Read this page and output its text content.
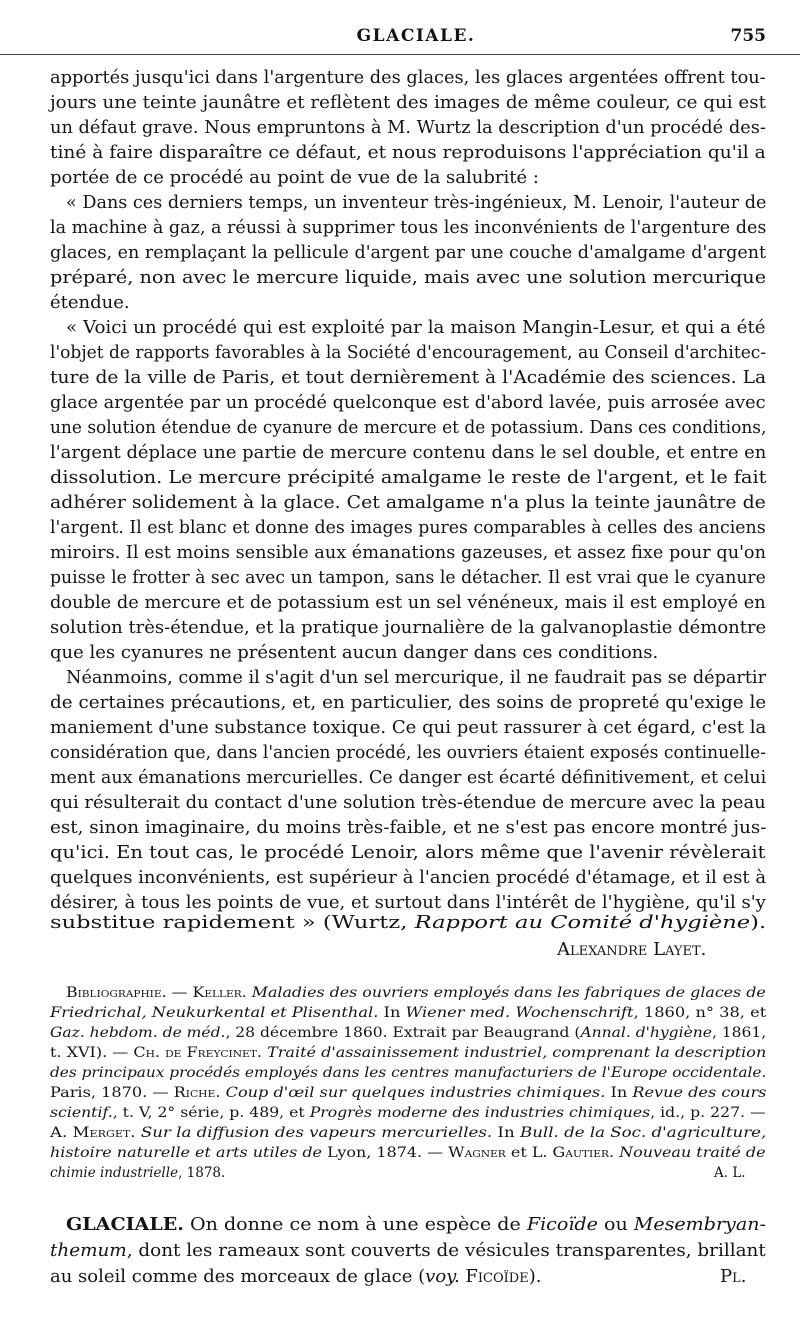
GLACIALE.	755
apportés jusqu'ici dans l'argenture des glaces, les glaces argentées offrent tou-
jours une teinte jaunâtre et reflètent des images de même couleur, ce qui est
un défaut grave. Nous empruntons à M. Wurtz la description d'un procédé des-
tiné à faire disparaître ce défaut, et nous reproduisons l'appréciation qu'il a
portée de ce procédé au point de vue de la salubrité :
« Dans ces derniers temps, un inventeur très-ingénieux, M. Lenoir, l'auteur de
la machine à gaz, a réussi à supprimer tous les inconvénients de l'argenture des
glaces, en remplaçant la pellicule d'argent par une couche d'amalgame d'argent
préparé, non avec le mercure liquide, mais avec une solution mercurique
étendue.
« Voici un procédé qui est exploité par la maison Mangin-Lesur, et qui a été
l'objet de rapports favorables à la Société d'encouragement, au Conseil d'architec-
ture de la ville de Paris, et tout dernièrement à l'Académie des sciences. La
glace argentée par un procédé quelconque est d'abord lavée, puis arrosée avec
une solution étendue de cyanure de mercure et de potassium. Dans ces conditions,
l'argent déplace une partie de mercure contenu dans le sel double, et entre en
dissolution. Le mercure précipité amalgame le reste de l'argent, et le fait
adhérer solidement à la glace. Cet amalgame n'a plus la teinte jaunâtre de
l'argent. Il est blanc et donne des images pures comparables à celles des anciens
miroirs. Il est moins sensible aux émanations gazeuses, et assez fixe pour qu'on
puisse le frotter à sec avec un tampon, sans le détacher. Il est vrai que le cyanure
double de mercure et de potassium est un sel vénéneux, mais il est employé en
solution très-étendue, et la pratique journalière de la galvanoplastie démontre
que les cyanures ne présentent aucun danger dans ces conditions.
Néanmoins, comme il s'agit d'un sel mercurique, il ne faudrait pas se départir
de certaines précautions, et, en particulier, des soins de propreté qu'exige le
maniement d'une substance toxique. Ce qui peut rassurer à cet égard, c'est la
considération que, dans l'ancien procédé, les ouvriers étaient exposés continuelle-
ment aux émanations mercurielles. Ce danger est écarté définitivement, et celui
qui résulterait du contact d'une solution très-étendue de mercure avec la peau
est, sinon imaginaire, du moins très-faible, et ne s'est pas encore montré jus-
qu'ici. En tout cas, le procédé Lenoir, alors même que l'avenir révèlerait
quelques inconvénients, est supérieur à l'ancien procédé d'étamage, et il est à
désirer, à tous les points de vue, et surtout dans l'intérêt de l'hygiène, qu'il s'y
substitue rapidement » (Wurtz, Rapport au Comité d'hygiène).
Alexandre Layet.
Bibliographie. — Keller. Maladies des ouvriers employés dans les fabriques de glaces de
Friedrichal, Neukurkental et Plisenthal. In Wiener med. Wochenschrift, 1860, n° 38, et
Gaz. hebdom. de méd., 28 décembre 1860. Extrait par Beaugrand (Annal. d'hygiène, 1861,
t. XVI). — Ch. de Freycinet. Traité d'assainissement industriel, comprenant la description
des principaux procédés employés dans les centres manufacturiers de l'Europe occidentale.
Paris, 1870. — Riche. Coup d'œil sur quelques industries chimiques. In Revue des cours
scientif., t. V, 2° série, p. 489, et Progrès moderne des industries chimiques, id., p. 227. —
A. Merget. Sur la diffusion des vapeurs mercurielles. In Bull. de la Soc. d'agriculture,
histoire naturelle et arts utiles de Lyon, 1874. — Wagner et L. Gautier. Nouveau traité de
chimie industrielle, 1878.	A. L.
GLACIALE. On donne ce nom à une espèce de Ficoïde ou Mesembryan-
themum, dont les rameaux sont couverts de vésicules transparentes, brillant
au soleil comme des morceaux de glace (voy. Ficoïde).	Pl.
